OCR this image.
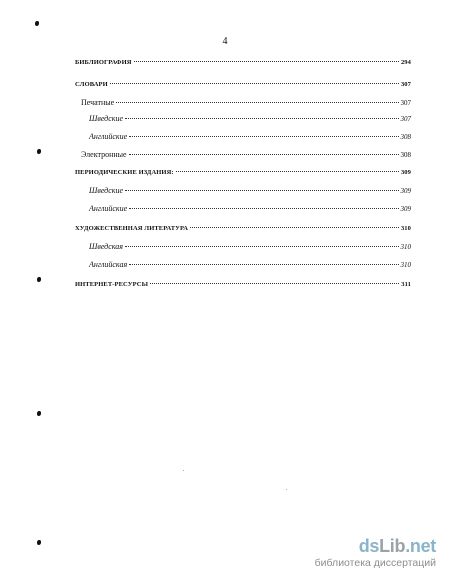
4
БИБЛИОГРАФИЯ	294
СЛОВАРИ	307
Печатные	307
Шведские	307
Английские	308
Электронные	308
ПЕРИОДИЧЕСКИЕ ИЗДАНИЯ:	309
Шведские	309
Английские	309
ХУДОЖЕСТВЕННАЯ ЛИТЕРАТУРА	310
Шведская	310
Английская	310
ИНТЕРНЕТ-РЕСУРСЫ	311
dsLib.net
библиотека диссертаций
